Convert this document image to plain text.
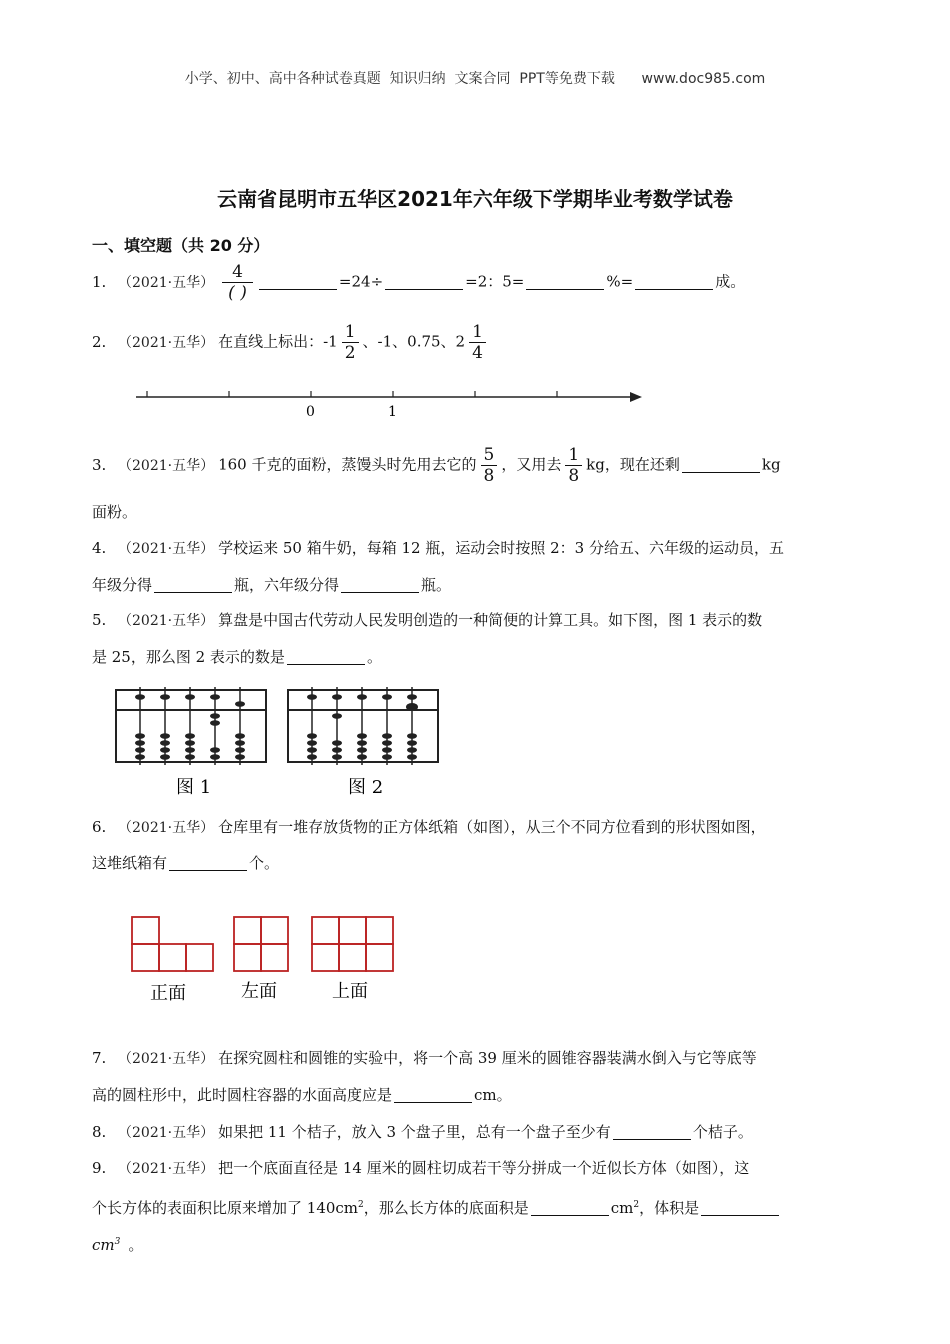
小学、初中、高中各种试卷真题  知识归纳  文案合同  PPT等免费下载      www.doc985.com
云南省昆明市五华区2021年六年级下学期毕业考数学试卷
一、填空题（共 20 分）
1. （2021·五华） $\frac{4}{( )}$	=24÷	=2：5=	%=	成。
2. （2021·五华） 在直线上标出：$-1 \frac{1}{2}$ 、-1、0.75、$2 \frac{1}{4}$
0	1
3. （2021·五华） 160 千克的面粉，蒸馒头时先用去它的 $\frac{5}{8}$ ，又用去 $\frac{1}{8}$ kg，现在还剩	kg
面粉。
4. （2021·五华） 学校运来 50 箱牛奶，每箱 12 瓶，运动会时按照 2：3 分给五、六年级的运动员，五
年级分得	瓶，六年级分得	瓶。
5. （2021·五华） 算盘是中国古代劳动人民发明创造的一种简便的计算工具。如下图，图 1 表示的数
是 25，那么图 2 表示的数是	。
图 1	图 2
6. （2021·五华） 仓库里有一堆存放货物的正方体纸箱（如图），从三个不同方位看到的形状图如图，
这堆纸箱有	个。
正面	左面	上面
7. （2021·五华） 在探究圆柱和圆锥的实验中，将一个高 39 厘米的圆锥容器装满水倒入与它等底等
高的圆柱形中，此时圆柱容器的水面高度应是	cm。
8. （2021·五华） 如果把 11 个桔子，放入 3 个盘子里，总有一个盘子至少有	个桔子。
9. （2021·五华） 把一个底面直径是 14 厘米的圆柱切成若干等分拼成一个近似长方体（如图），这
个长方体的表面积比原来增加了 $140cm^2$，那么长方体的底面积是	$cm^2$，体积是
$cm^3$ 。
